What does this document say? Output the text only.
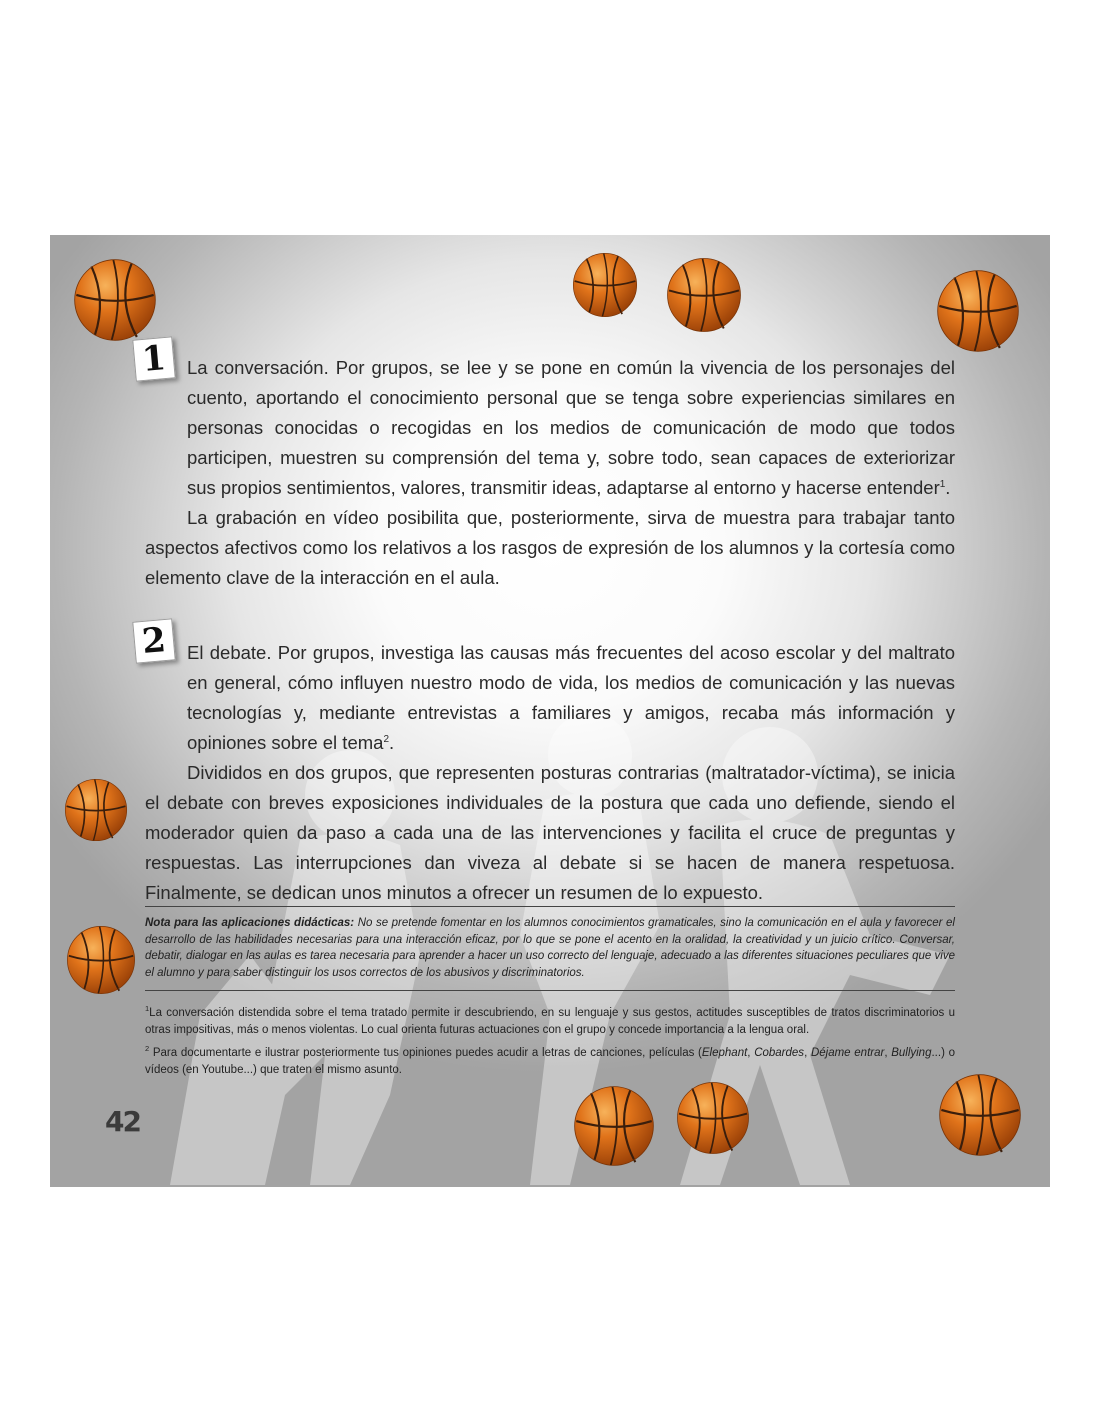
1	La conversación. Por grupos, se lee y se pone en común la vivencia de los personajes del cuento, aportando el conocimiento personal que se tenga sobre experiencias similares en personas conocidas o recogidas en los medios de comunicación de modo que todos participen, muestren su comprensión del tema y, sobre todo, sean capaces de exteriorizar sus propios sentimientos, valores, transmitir ideas, adaptarse al entorno y hacerse entender$^1$.

La grabación en vídeo posibilita que, posteriormente, sirva de muestra para trabajar tanto aspectos afectivos como los relativos a los rasgos de expresión de los alumnos y la cortesía como elemento clave de la interacción en el aula.

2	El debate. Por grupos, investiga las causas más frecuentes del acoso escolar y del maltrato en general, cómo influyen nuestro modo de vida, los medios de comunicación y las nuevas tecnologías y, mediante entrevistas a familiares y amigos, recaba más información y opiniones sobre el tema$^2$.

Divididos en dos grupos, que representen posturas contrarias (maltratador-víctima), se inicia el debate con breves exposiciones individuales de la postura que cada uno defiende, siendo el moderador quien da paso a cada una de las intervenciones y facilita el cruce de preguntas y respuestas. Las interrupciones dan viveza al debate si se hacen de manera respetuosa. Finalmente, se dedican unos minutos a ofrecer un resumen de lo expuesto.

Nota para las aplicaciones didácticas: No se pretende fomentar en los alumnos conocimientos gramaticales, sino la comunicación en el aula y favorecer el desarrollo de las habilidades necesarias para una interacción eficaz, por lo que se pone el acento en la oralidad, la creatividad y un juicio crítico. Conversar, debatir, dialogar en las aulas es tarea necesaria para aprender a hacer un uso correcto del lenguaje, adecuado a las diferentes situaciones peculiares que vive el alumno y para saber distinguir los usos correctos de los abusivos y discriminatorios.

$^1$La conversación distendida sobre el tema tratado permite ir descubriendo, en su lenguaje y sus gestos, actitudes susceptibles de tratos discriminatorios u otras impositivas, más o menos violentas. Lo cual orienta futuras actuaciones con el grupo y concede importancia a la lengua oral.

$^2$ Para documentarte e ilustrar posteriormente tus opiniones puedes acudir a letras de canciones, películas (Elephant, Cobardes, Déjame entrar, Bullying...) o vídeos (en Youtube...) que traten el mismo asunto.

42
